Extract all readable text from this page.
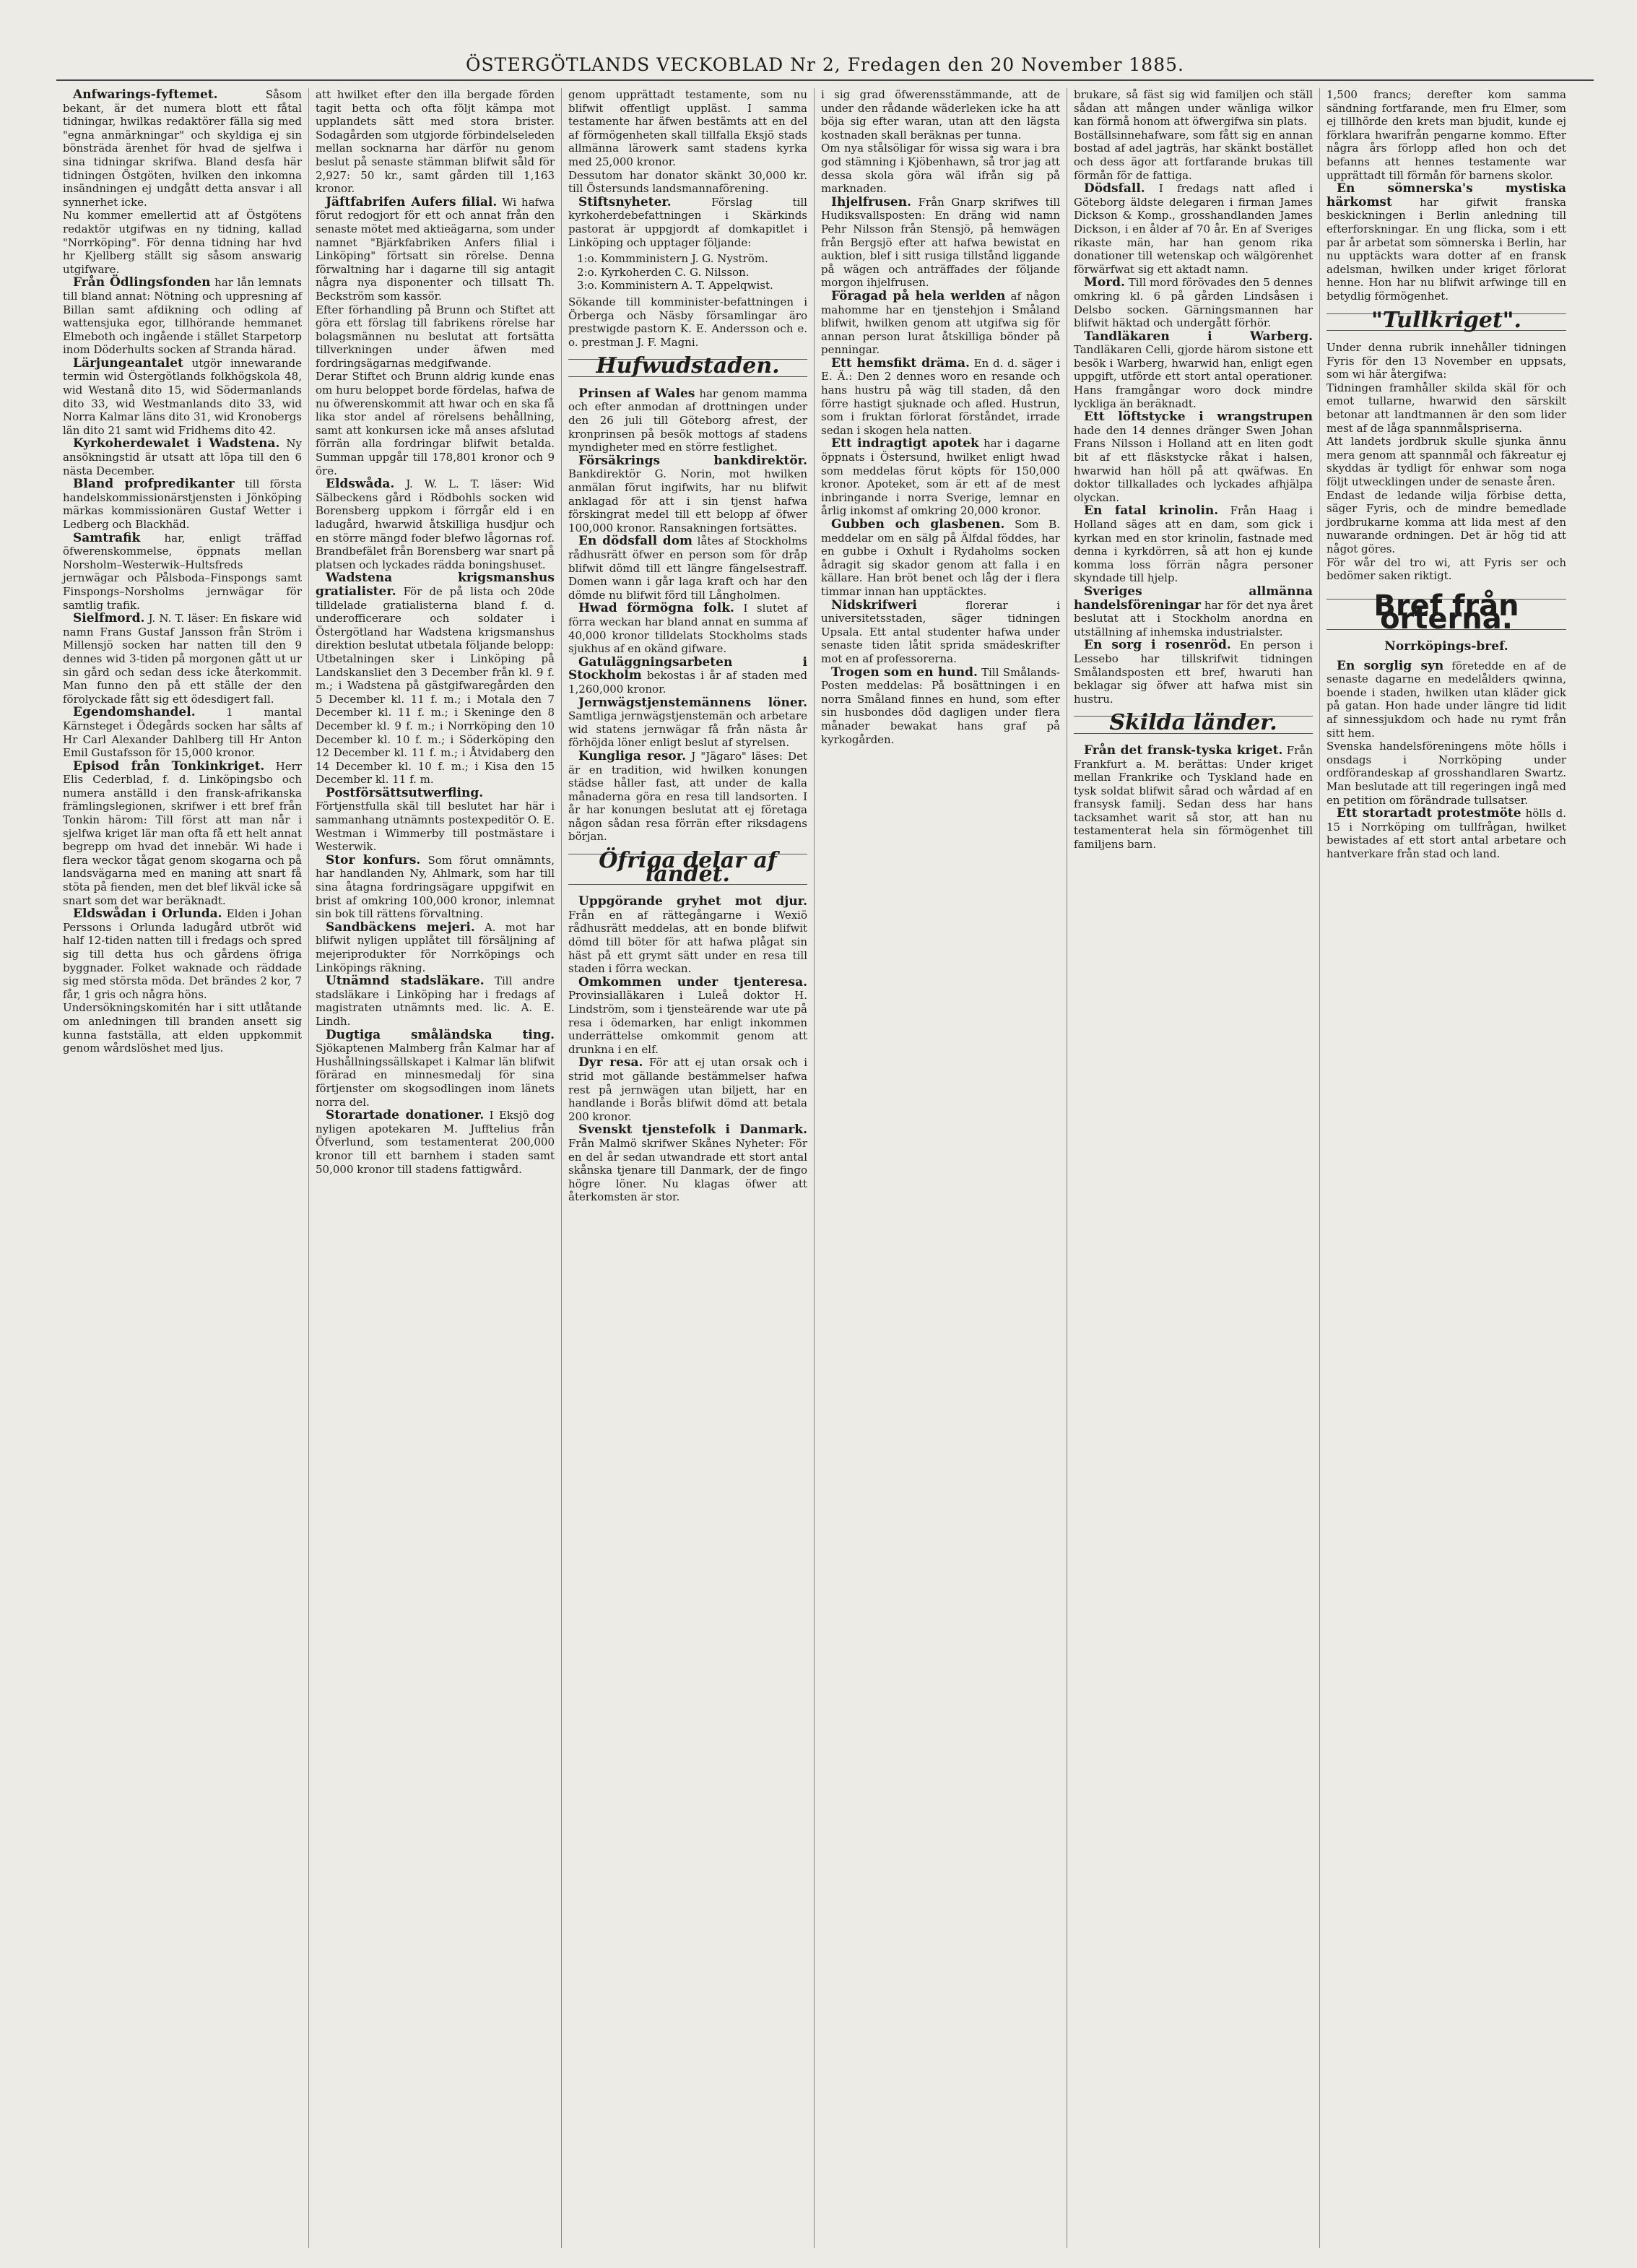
ÖSTERGÖTLANDS VECKOBLAD Nr 2, Fredagen den 20 November 1885.

Anfwarings-fyftemet.	Såsom bekant, är det numera blott ett fåtal tidningar, hwilkas redaktörer fälla sig med "egna anmärkningar" och skyldiga ej sin bönsträda ärenhet för hvad de sjelfwa i sina tidningar skrifwa. Bland desfa här tidningen Östgöten, hvilken den inkomna insändningen ej undgått detta ansvar i all synnerhet icke.

Nu kommer emellertid att af Östgötens redaktör utgifwas en ny tidning, kallad "Norrköping". För denna tidning har hvd hr Kjellberg ställt sig såsom answarig utgifware.

Från Ödlingsfonden har lån lemnats till bland annat: Nötning och uppresning af Billan samt afdikning och odling af wattensjuka egor, tillhörande hemmanet Elmeboth och ingående i stället Starpetorp inom Döderhults socken af Stranda härad.

Lärjungeantalet utgör innewarande termin wid Östergötlands folkhögskola 48, wid Westanå dito 15, wid Södermanlands dito 33, wid Westmanlands dito 33, wid Norra Kalmar läns dito 31, wid Kronobergs län dito 21 samt wid Fridhems dito 42.

Kyrkoherdewalet i Wadstena. Ny ansökningstid är utsatt att löpa till den 6 nästa December.

Bland profpredikanter till första handelskommissionärstjensten i Jönköping märkas kommissionären Gustaf Wetter i Ledberg och Blackhäd.

Samtrafik har, enligt träffad öfwerenskommelse, öppnats mellan Norsholm–Westerwik–Hultsfreds jernwägar och Pålsboda–Finspongs samt Finspongs–Norsholms jernwägar för samtlig trafik.

Sielfmord. J. N. T. läser: En fiskare wid namn Frans Gustaf Jansson från Ström i Millensjö socken har natten till den 9 dennes wid 3-tiden på morgonen gått ut ur sin gård och sedan dess icke återkommit. Man funno den på ett ställe der den förolyckade fått sig ett ödesdigert fall.

Egendomshandel.	1 mantal Kärnsteget i Ödegårds socken har sålts af Hr Carl Alexander Dahlberg till Hr Anton Emil Gustafsson för 15,000 kronor.

Episod från Tonkinkriget. Herr Elis Cederblad, f. d. Linköpingsbo och numera anställd i den fransk-afrikanska främlingslegionen, skrifwer i ett bref från Tonkin härom: Till först att man når i sjelfwa kriget lär man ofta få ett helt annat begrepp om hvad det innebär. Wi hade i flera weckor tågat genom skogarna och på landsvägarna med en maning att snart få stöta på fienden, men det blef likväl icke så snart som det war beräknadt.

Eldswådan i Orlunda. Elden i Johan Perssons i Orlunda ladugård utbröt wid half 12-tiden natten till i fredags och spred sig till detta hus och gårdens öfriga byggnader. Folket waknade och räddade sig med största möda. Det brändes 2 kor, 7 får, 1 gris och några höns.

Undersökningskomitén har i sitt utlåtande om anledningen till branden ansett sig kunna fastställa, att elden uppkommit genom wårdslöshet med ljus.

att hwilket efter den illa bergade förden tagit betta och ofta följt kämpa mot upplandets sätt med stora brister. Sodagården som utgjorde förbindelseleden mellan socknarna har därför nu genom beslut på senaste stämman blifwit såld för 2,927: 50 kr., samt gården till 1,163 kronor.

Jäftfabrifen Aufers filial. Wi hafwa förut redogjort för ett och annat från den senaste mötet med aktieägarna, som under namnet "Bjärkfabriken Anfers filial i Linköping" förtsatt sin rörelse. Denna förwaltning har i dagarne till sig antagit några nya disponenter och tillsatt Th. Beckström som kassör.

Efter förhandling på Brunn och Stiftet att göra ett förslag till fabrikens rörelse har bolagsmännen nu beslutat att fortsätta tillverkningen under äfwen med fordringsägarnas medgifwande.

Derar Stiftet och Brunn aldrig kunde enas om huru beloppet borde fördelas, hafwa de nu öfwerenskommit att hwar och en ska få lika stor andel af rörelsens behållning, samt att konkursen icke må anses afslutad förrän alla fordringar blifwit betalda. Summan uppgår till 178,801 kronor och 9 öre.

Eldswåda. J. W. L. T. läser: Wid Sälbeckens gård i Rödbohls socken wid Borensberg uppkom i förrgår eld i en ladugård, hwarwid åtskilliga husdjur och en större mängd foder blefwo lågornas rof. Brandbefälet från Borensberg war snart på platsen och lyckades rädda boningshuset.

Wadstena krigsmanshus gratialister. För de på lista och 20de tilldelade gratialisterna bland f. d. underofficerare och soldater i Östergötland har Wadstena krigsmanshus direktion beslutat utbetala följande belopp:

Utbetalningen sker i Linköping på Landskansliet den 3 December från kl. 9 f. m.; i Wadstena på gästgifwaregården den 5 December kl. 11 f. m.; i Motala den 7 December kl. 11 f. m.; i Skeninge den 8 December kl. 9 f. m.; i Norrköping den 10 December kl. 10 f. m.; i Söderköping den 12 December kl. 11 f. m.; i Åtvidaberg den 14 December kl. 10 f. m.; i Kisa den 15 December kl. 11 f. m.

Postförsättsutwerfling. Förtjenstfulla skäl till beslutet har här i sammanhang utnämnts postexpeditör O. E. Westman i Wimmerby till postmästare i Westerwik.

Stor konfurs. Som förut omnämnts, har handlanden Ny, Ahlmark, som har till sina åtagna fordringsägare uppgifwit en brist af omkring 100,000 kronor, inlemnat sin bok till rättens förvaltning.

Sandbäckens mejeri. A. mot har blifwit nyligen upplåtet till försäljning af mejeriprodukter för Norrköpings och Linköpings räkning.

Utnämnd stadsläkare. Till andre stadsläkare i Linköping har i fredags af magistraten utnämnts med. lic. A. E. Lindh.

Dugtiga småländska ting. Sjökaptenen Malmberg från Kalmar har af Hushållningssällskapet i Kalmar län blifwit förärad en minnesmedalj för sina förtjenster om skogsodlingen inom länets norra del.

Storartade donationer. I Eksjö dog nyligen apotekaren M. Jufftelius från Öfverlund, som testamenterat 200,000 kronor till ett barnhem i staden samt 50,000 kronor till stadens fattigwård.

genom upprättadt testamente, som nu blifwit offentligt uppläst. I samma testamente har äfwen bestämts att en del af förmögenheten skall tillfalla Eksjö stads allmänna lärowerk samt stadens kyrka med 25,000 kronor.

Dessutom har donator skänkt 30,000 kr. till Östersunds landsmannaförening.

Stiftsnyheter.	Förslag till kyrkoherdebefattningen i Skärkinds pastorat är uppgjordt af domkapitlet i Linköping och upptager följande:

1:o. Kommministern J. G. Nyström.
2:o. Kyrkoherden C. G. Nilsson.
3:o. Komministern A. T. Appelqwist.

Sökande till komminister-befattningen i Örberga och Näsby församlingar äro prestwigde pastorn K. E. Andersson och e. o. prestman J. F. Magni.

Hufwudstaden.

Prinsen af Wales har genom mamma och efter anmodan af drottningen under den 26 juli till Göteborg afrest, der kronprinsen på besök mottogs af stadens myndigheter med en större festlighet.

Försäkrings bankdirektör. Bankdirektör G. Norin, mot hwilken anmälan förut ingifwits, har nu blifwit anklagad för att i sin tjenst hafwa förskingrat medel till ett belopp af öfwer 100,000 kronor. Ransakningen fortsättes.

En dödsfall dom låtes af Stockholms rådhusrätt öfwer en person som för dråp blifwit dömd till ett längre fängelsestraff. Domen wann i går laga kraft och har den dömde nu blifwit förd till Långholmen.

Hwad förmögna folk. I slutet af förra weckan har bland annat en summa af 40,000 kronor tilldelats Stockholms stads sjukhus af en okänd gifware.

Gatuläggningsarbeten i Stockholm bekostas i år af staden med 1,260,000 kronor.

Jernwägstjenstemännens löner. Samtliga jernwägstjenstemän och arbetare wid statens jernwägar få från nästa år förhöjda löner enligt beslut af styrelsen.

Kungliga resor. J "Jägaro" läses: Det är en tradition, wid hwilken konungen städse håller fast, att under de kalla månaderna göra en resa till landsorten. I år har konungen beslutat att ej företaga någon sådan resa förrän efter riksdagens början.

Öfriga delar af landet.

Uppgörande gryhet mot djur. Från en af rättegångarne i Wexiö rådhusrätt meddelas, att en bonde blifwit dömd till böter för att hafwa plågat sin häst på ett grymt sätt under en resa till staden i förra weckan.

Omkommen under tjenteresa. Provinsialläkaren i Luleå doktor H. Lindström, som i tjensteärende war ute på resa i ödemarken, har enligt inkommen underrättelse omkommit genom att drunkna i en elf.

Dyr resa. För att ej utan orsak och i strid mot gällande bestämmelser hafwa rest på jernwägen utan biljett, har en handlande i Borås blifwit dömd att betala 200 kronor.

Svenskt tjenstefolk i Danmark. Från Malmö skrifwer Skånes Nyheter: För en del år sedan utwandrade ett stort antal skånska tjenare till Danmark, der de fingo högre löner. Nu klagas öfwer att återkomsten är stor.

i sig grad öfwerensstämmande, att de under den rådande wäderleken icke ha att böja sig efter waran, utan att den lägsta kostnaden skall beräknas per tunna.

Om nya stålsöligar för wissa sig wara i bra god stämning i Kjöbenhawn, så tror jag att dessa skola göra wäl ifrån sig på marknaden.

Ihjelfrusen. Från Gnarp skrifwes till Hudiksvallsposten: En dräng wid namn Pehr Nilsson från Stensjö, på hemwägen från Bergsjö efter att hafwa bewistat en auktion, blef i sitt rusiga tillstånd liggande på wägen och anträffades der följande morgon ihjelfrusen.

Föragad på hela werlden af någon mahomme har en tjenstehjon i Småland blifwit, hwilken genom att utgifwa sig för annan person lurat åtskilliga bönder på penningar.

Ett hemsfikt dräma. En d. d. säger i E. Ä.: Den 2 dennes woro en resande och hans hustru på wäg till staden, då den förre hastigt sjuknade och afled. Hustrun, som i fruktan förlorat förståndet, irrade sedan i skogen hela natten.

Ett indragtigt apotek har i dagarne öppnats i Östersund, hwilket enligt hwad som meddelas förut köpts för 150,000 kronor. Apoteket, som är ett af de mest inbringande i norra Sverige, lemnar en årlig inkomst af omkring 20,000 kronor.

Gubben och glasbenen. Som B. meddelar om en sälg på Älfdal föddes, har en gubbe i Oxhult i Rydaholms socken ådragit sig skador genom att falla i en källare. Han bröt benet och låg der i flera timmar innan han upptäcktes.

Nidskrifweri	florerar i universitetsstaden, säger tidningen Upsala. Ett antal studenter hafwa under senaste tiden låtit sprida smädeskrifter mot en af professorerna.

Trogen som en hund. Till Smålands-Posten meddelas: På bosättningen i en norra Småland finnes en hund, som efter sin husbondes död dagligen under flera månader bewakat hans graf på kyrkogården.

brukare, så fäst sig wid familjen och ställ sådan att mången under wänliga wilkor kan förmå honom att öfwergifwa sin plats.

Boställsinnehafware, som fått sig en annan bostad af adel jagträs, har skänkt bostället och dess ägor att fortfarande brukas till förmån för de fattiga.

Dödsfall. I fredags natt afled i Göteborg äldste delegaren i firman James Dickson & Komp., grosshandlanden James Dickson, i en ålder af 70 år. En af Sveriges rikaste män, har han genom rika donationer till wetenskap och wälgörenhet förwärfwat sig ett aktadt namn.

Mord. Till mord förövades den 5 dennes omkring kl. 6 på gården Lindsåsen i Delsbo socken. Gärningsmannen har blifwit häktad och undergått förhör.

Tandläkaren i Warberg. Tandläkaren Celli, gjorde härom sistone ett besök i Warberg, hwarwid han, enligt egen uppgift, utförde ett stort antal operationer. Hans framgångar woro dock mindre lyckliga än beräknadt.

Ett löftstycke i wrangstrupen hade den 14 dennes dränger Swen Johan Frans Nilsson i Holland att en liten godt bit af ett fläskstycke råkat i halsen, hwarwid han höll på att qwäfwas. En doktor tillkallades och lyckades afhjälpa olyckan.

En fatal krinolin. Från Haag i Holland säges att en dam, som gick i kyrkan med en stor krinolin, fastnade med denna i kyrkdörren, så att hon ej kunde komma loss förrän några personer skyndade till hjelp.

Sveriges allmänna handelsföreningar har för det nya året beslutat att i Stockholm anordna en utställning af inhemska industrialster.

En sorg i rosenröd. En person i Lessebo har tillskrifwit tidningen Smålandsposten ett bref, hwaruti han beklagar sig öfwer att hafwa mist sin hustru.

Skilda länder.

Från det fransk-tyska kriget. Från Frankfurt a. M. berättas: Under kriget mellan Frankrike och Tyskland hade en tysk soldat blifwit sårad och wårdad af en fransysk familj. Sedan dess har hans tacksamhet warit så stor, att han nu testamenterat hela sin förmögenhet till familjens barn.

1,500 francs; derefter kom samma sändning fortfarande, men fru Elmer, som ej tillhörde den krets man bjudit, kunde ej förklara hwarifrån pengarne kommo. Efter några års förlopp afled hon och det befanns att hennes testamente war upprättadt till förmån för barnens skolor.

En sömnerska's mystiska härkomst	har gifwit franska beskickningen i Berlin anledning till efterforskningar. En ung flicka, som i ett par år arbetat som sömnerska i Berlin, har nu upptäckts wara dotter af en fransk adelsman, hwilken under kriget förlorat henne. Hon har nu blifwit arfwinge till en betydlig förmögenhet.

"Tullkriget".

Under denna rubrik innehåller tidningen Fyris för den 13 November en uppsats, som wi här återgifwa:

Tidningen framhåller skilda skäl för och emot tullarne, hwarwid den särskilt betonar att landtmannen är den som lider mest af de låga spannmålspriserna.

Att landets jordbruk skulle sjunka ännu mera genom att spannmål och fäkreatur ej skyddas är tydligt för enhwar som noga följt utwecklingen under de senaste åren.

Endast de ledande wilja förbise detta, säger Fyris, och de mindre bemedlade jordbrukarne komma att lida mest af den nuwarande ordningen. Det är hög tid att något göres.

För wår del tro wi, att Fyris ser och bedömer saken riktigt.

Bref från orterna.
Norrköpings-bref.

En sorglig syn företedde en af de senaste dagarne en medelålders qwinna, boende i staden, hwilken utan kläder gick på gatan. Hon hade under längre tid lidit af sinnessjukdom och hade nu rymt från sitt hem.

Svenska handelsföreningens möte hölls i onsdags i Norrköping under ordförandeskap af grosshandlaren Swartz. Man beslutade att till regeringen ingå med en petition om förändrade tullsatser.

Ett storartadt protestmöte hölls d. 15 i Norrköping om tullfrågan, hwilket bewistades af ett stort antal arbetare och hantverkare från stad och land.
